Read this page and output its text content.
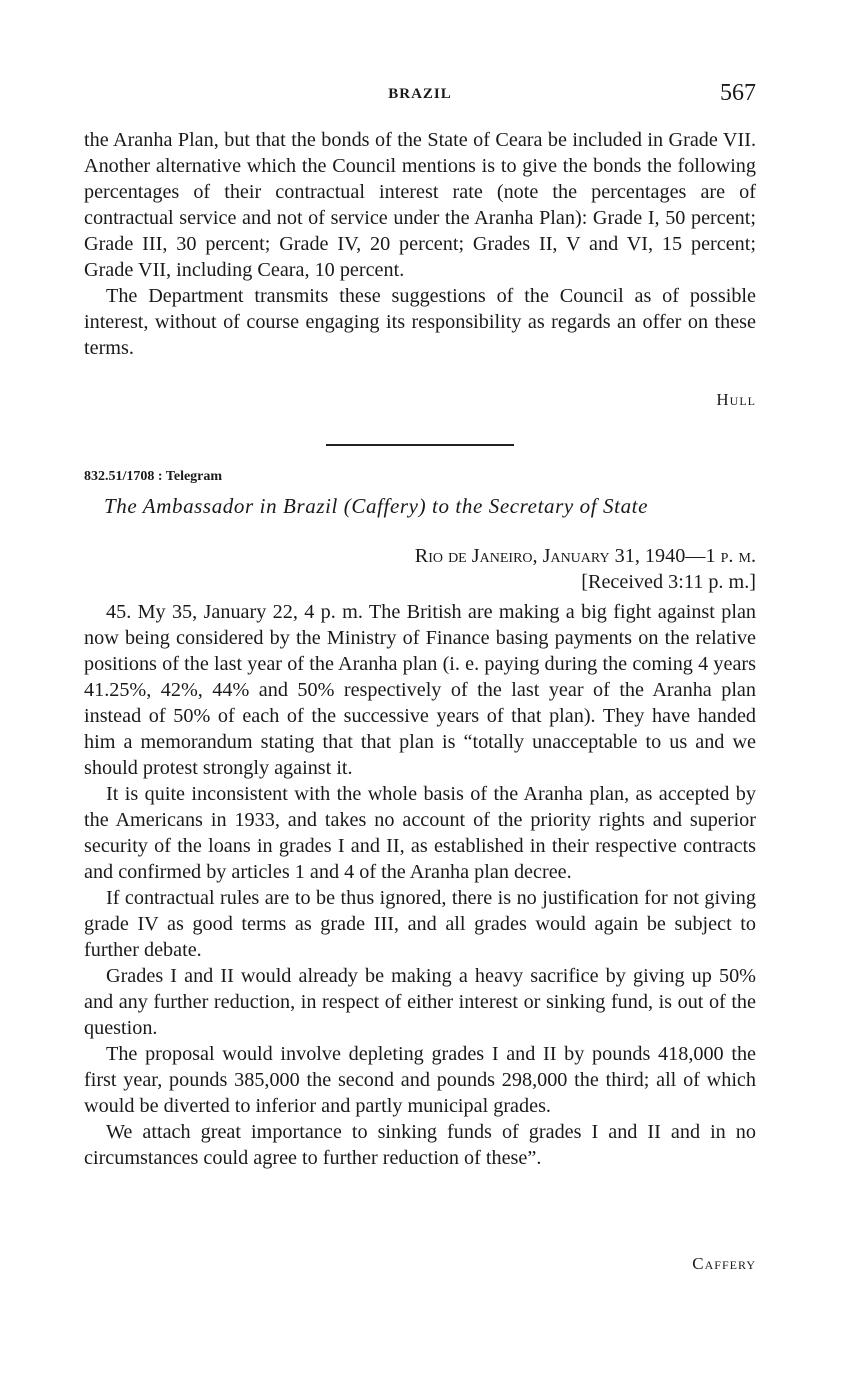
BRAZIL	567

the Aranha Plan, but that the bonds of the State of Ceara be included in Grade VII. Another alternative which the Council mentions is to give the bonds the following percentages of their contractual interest rate (note the percentages are of contractual service and not of service under the Aranha Plan): Grade I, 50 percent; Grade III, 30 percent; Grade IV, 20 percent; Grades II, V and VI, 15 percent; Grade VII, including Ceara, 10 percent.

The Department transmits these suggestions of the Council as of possible interest, without of course engaging its responsibility as regards an offer on these terms.

Hull
832.51/1708 : Telegram
The Ambassador in Brazil (Caffery) to the Secretary of State
Rio de Janeiro, January 31, 1940—1 p. m.
[Received 3:11 p. m.]

45. My 35, January 22, 4 p. m. The British are making a big fight against plan now being considered by the Ministry of Finance basing payments on the relative positions of the last year of the Aranha plan (i. e. paying during the coming 4 years 41.25%, 42%, 44% and 50% respectively of the last year of the Aranha plan instead of 50% of each of the successive years of that plan). They have handed him a memorandum stating that that plan is “totally unacceptable to us and we should protest strongly against it.

It is quite inconsistent with the whole basis of the Aranha plan, as accepted by the Americans in 1933, and takes no account of the priority rights and superior security of the loans in grades I and II, as established in their respective contracts and confirmed by articles 1 and 4 of the Aranha plan decree.

If contractual rules are to be thus ignored, there is no justification for not giving grade IV as good terms as grade III, and all grades would again be subject to further debate.

Grades I and II would already be making a heavy sacrifice by giving up 50% and any further reduction, in respect of either interest or sinking fund, is out of the question.

The proposal would involve depleting grades I and II by pounds 418,000 the first year, pounds 385,000 the second and pounds 298,000 the third; all of which would be diverted to inferior and partly municipal grades.

We attach great importance to sinking funds of grades I and II and in no circumstances could agree to further reduction of these”.

Caffery
